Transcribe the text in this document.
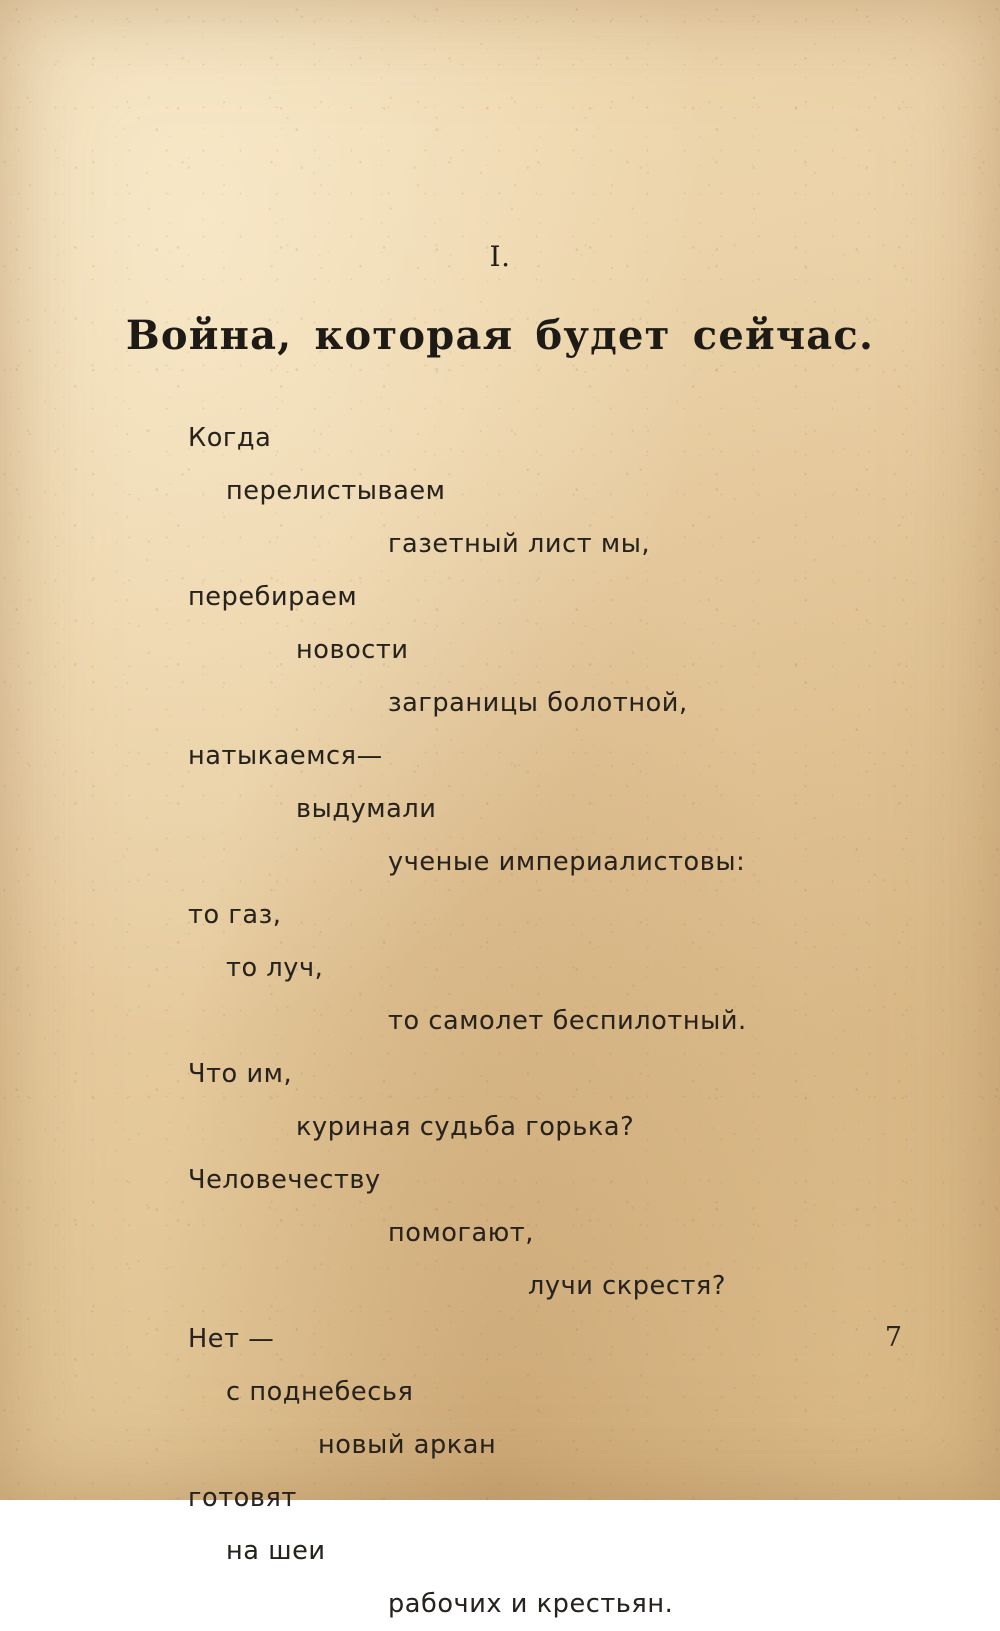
I.
Война, которая будет сейчас.
Когда
перелистываем
газетный лист мы,
перебираем
новости
заграницы болотной,
натыкаемся—
выдумали
ученые империалистовы:
то газ,
то луч,
то самолет беспилотный.
Что им,
куриная судьба горька?
Человечеству
помогают,
лучи скрестя?
Нет —
с поднебесья
новый аркан
готовят
на шеи
рабочих и крестьян.
7
